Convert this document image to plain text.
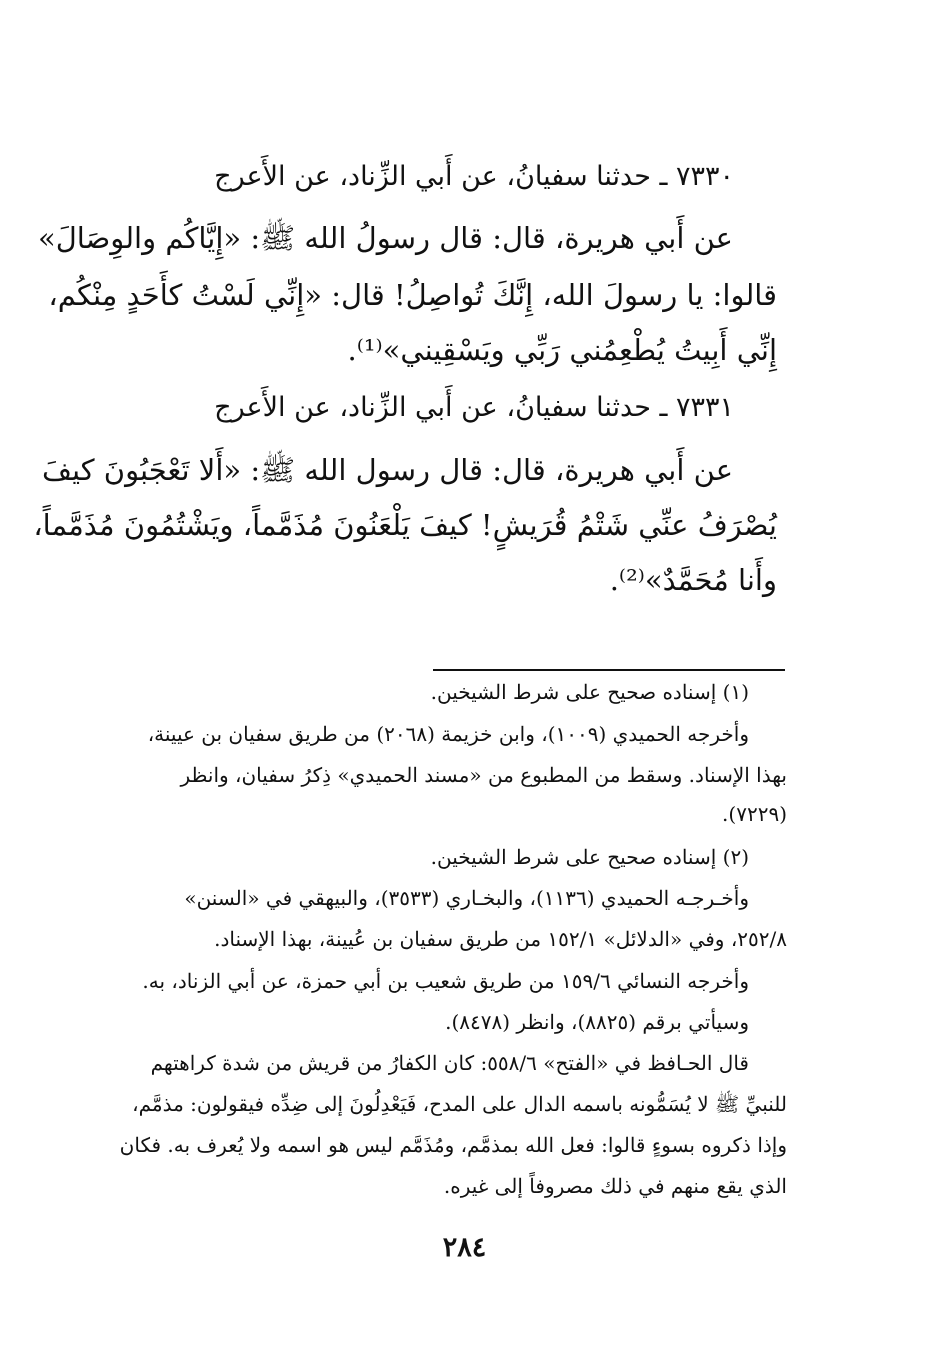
٧٣٣٠ ـ حدثنا سفيانُ، عن أَبي الزِّناد، عن الأَعرج
عن أَبي هريرة، قال: قال رسولُ الله ﷺ: «إِيَّاكُم والوِصَالَ»
قالوا: يا رسولَ الله، إِنَّكَ تُواصِلُ! قال: «إِنِّي لَسْتُ كأَحَدٍ مِنْكُم،
إِنِّي أَبِيتُ يُطْعِمُني رَبِّي ويَسْقِيني»⁽¹⁾.
٧٣٣١ ـ حدثنا سفيانُ، عن أَبي الزِّناد، عن الأَعرج
عن أَبي هريرة، قال: قال رسول الله ﷺ: «أَلا تَعْجَبُونَ كيفَ
يُصْرَفُ عنِّي شَتْمُ قُرَيشٍ! كيفَ يَلْعَنُونَ مُذَمَّماً، ويَشْتُمُونَ مُذَمَّماً،
وأَنا مُحَمَّدٌ»⁽²⁾.
(١) إسناده صحيح على شرط الشيخين.
وأخرجه الحميدي (١٠٠٩)، وابن خزيمة (٢٠٦٨) من طريق سفيان بن عيينة،
بهذا الإسناد. وسقط من المطبوع من «مسند الحميدي» ذِكرُ سفيان، وانظر
(٧٢٢٩).
(٢) إسناده صحيح على شرط الشيخين.
وأخـرجـه الحميدي (١١٣٦)، والبخـاري (٣٥٣٣)، والبيهقي في «السنن»
٢٥٢/٨، وفي «الدلائل» ١٥٢/١ من طريق سفيان بن عُيينة، بهذا الإسناد.
وأخرجه النسائي ١٥٩/٦ من طريق شعيب بن أبي حمزة، عن أبي الزناد، به.
وسيأتي برقم (٨٨٢٥)، وانظر (٨٤٧٨).
قال الحـافظ في «الفتح» ٥٥٨/٦: كان الكفارُ من قريش من شدة كراهتهم
للنبيِّ ﷺ لا يُسَمُّونه باسمه الدال على المدح، فَيَعْدِلُونَ إلى ضِدِّه فيقولون: مذمَّم،
وإذا ذكروه بسوءٍ قالوا: فعل الله بمذمَّم، ومُذَمَّم ليس هو اسمه ولا يُعرف به. فكان
الذي يقع منهم في ذلك مصروفاً إلى غيره.
٢٨٤
